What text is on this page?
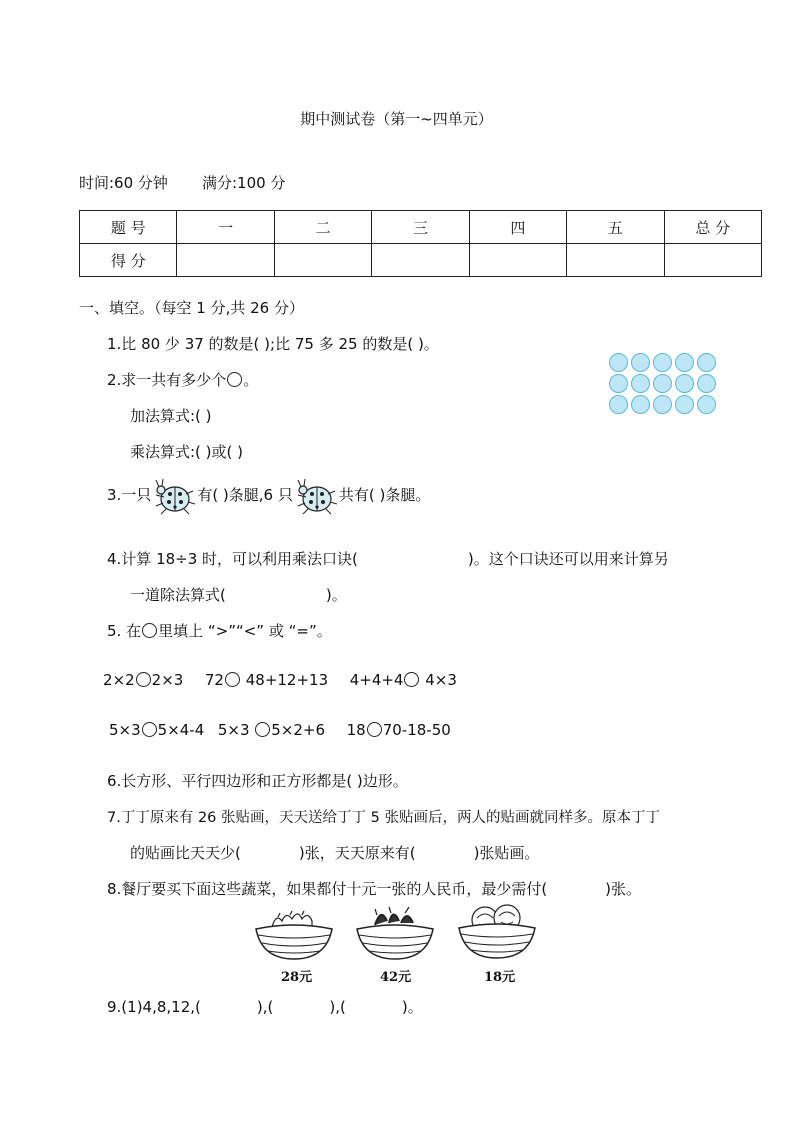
期中测试卷（第一~四单元）
时间:60 分钟 满分:100 分
题 号	一	二	三	四	五	总 分
得 分						
一、填空。（每空 1 分,共 26 分）
1.比 80 少 37 的数是( );比 75 多 25 的数是( )。
2.求一共有多少个 。
加法算式:( )
乘法算式:( )或( )
3.一只	有( )条腿,6 只	共有( )条腿。
4.计算 18÷3 时，可以利用乘法口诀(	)。这个口诀还可以用来计算另
一道除法算式(	)。
5. 在 里填上 “>”“<” 或 “=”。
2×2 2×3 72 48+12+13 4+4+4 4×3
5×3 5×4-4 5×3 5×2+6 18 70-18-50
6.长方形、平行四边形和正方形都是( )边形。
7.丁丁原来有 26 张贴画，天天送给丁丁 5 张贴画后，两人的贴画就同样多。原本丁丁
的贴画比天天少(	)张，天天原来有(	)张贴画。
8.餐厅要买下面这些蔬菜，如果都付十元一张的人民币，最少需付(	)张。
28元	42元	18元
9.(1)4,8,12,(	),(	),(	)。
